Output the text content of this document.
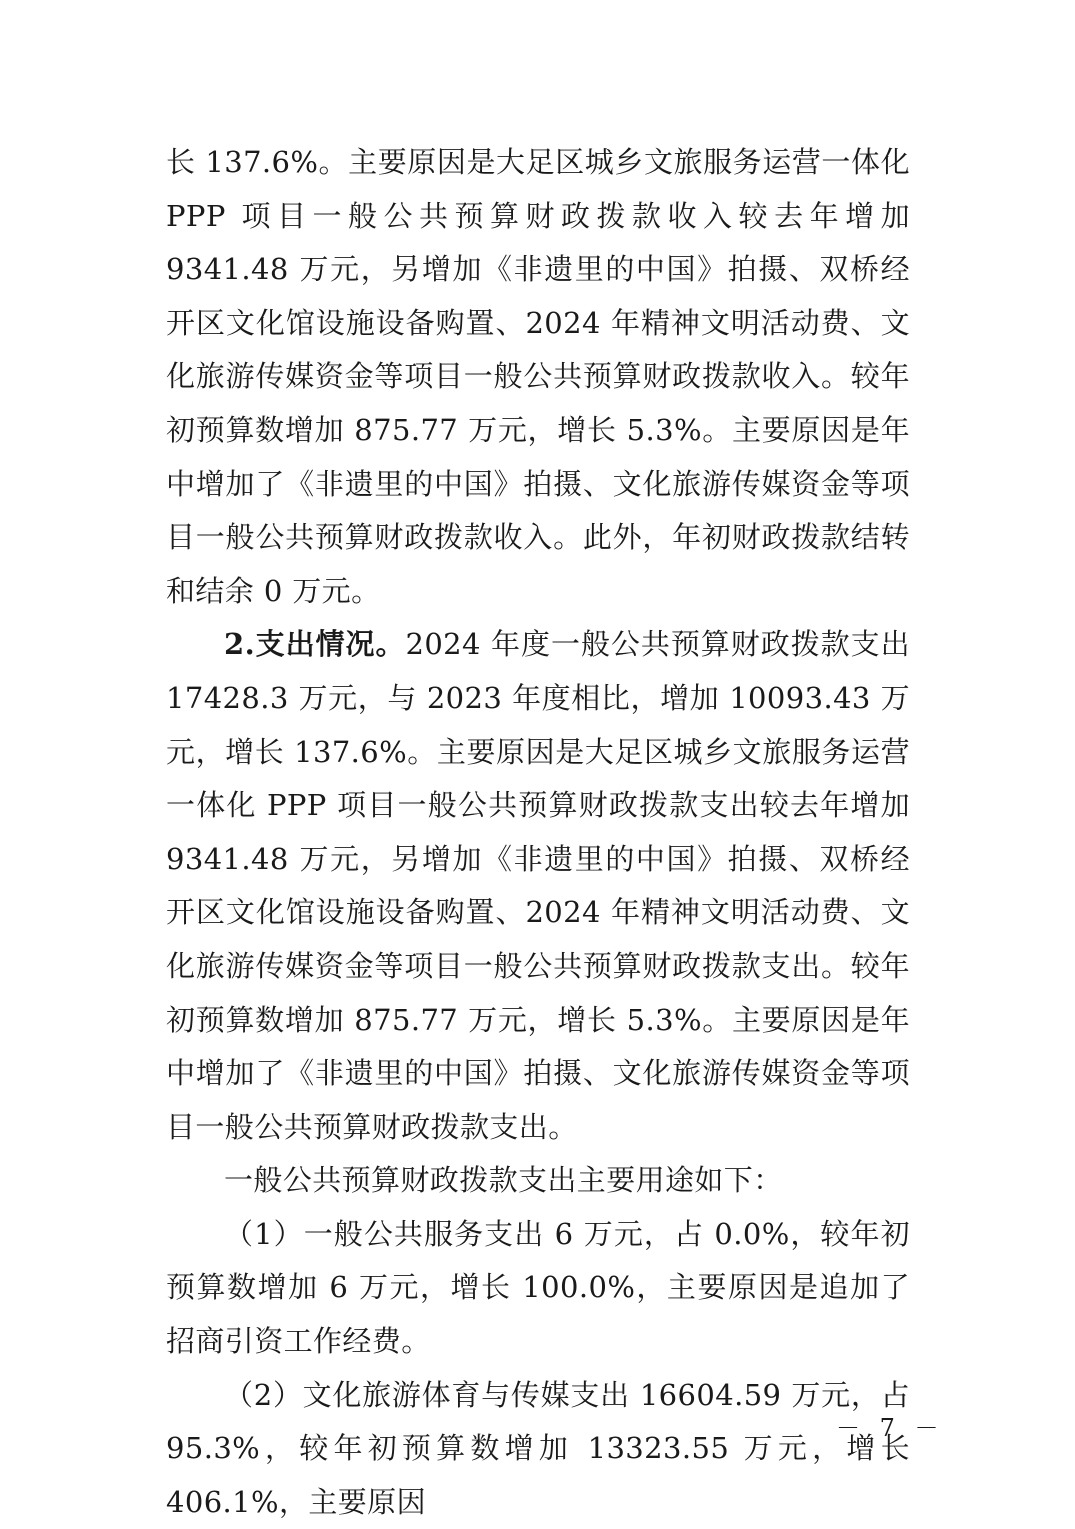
长 137.6%。主要原因是大足区城乡文旅服务运营一体化 PPP 项目一般公共预算财政拨款收入较去年增加 9341.48 万元，另增加《非遗里的中国》拍摄、双桥经开区文化馆设施设备购置、2024 年精神文明活动费、文化旅游传媒资金等项目一般公共预算财政拨款收入。较年初预算数增加 875.77 万元，增长 5.3%。主要原因是年中增加了《非遗里的中国》拍摄、文化旅游传媒资金等项目一般公共预算财政拨款收入。此外，年初财政拨款结转和结余 0 万元。

2.支出情况。2024 年度一般公共预算财政拨款支出 17428.3 万元，与 2023 年度相比，增加 10093.43 万元，增长 137.6%。主要原因是大足区城乡文旅服务运营一体化 PPP 项目一般公共预算财政拨款支出较去年增加 9341.48 万元，另增加《非遗里的中国》拍摄、双桥经开区文化馆设施设备购置、2024 年精神文明活动费、文化旅游传媒资金等项目一般公共预算财政拨款支出。较年初预算数增加 875.77 万元，增长 5.3%。主要原因是年中增加了《非遗里的中国》拍摄、文化旅游传媒资金等项目一般公共预算财政拨款支出。

一般公共预算财政拨款支出主要用途如下：

（1）一般公共服务支出 6 万元，占 0.0%，较年初预算数增加 6 万元，增长 100.0%，主要原因是追加了招商引资工作经费。

（2）文化旅游体育与传媒支出 16604.59 万元，占 95.3%，较年初预算数增加 13323.55 万元，增长 406.1%，主要原因

－ 7 －
